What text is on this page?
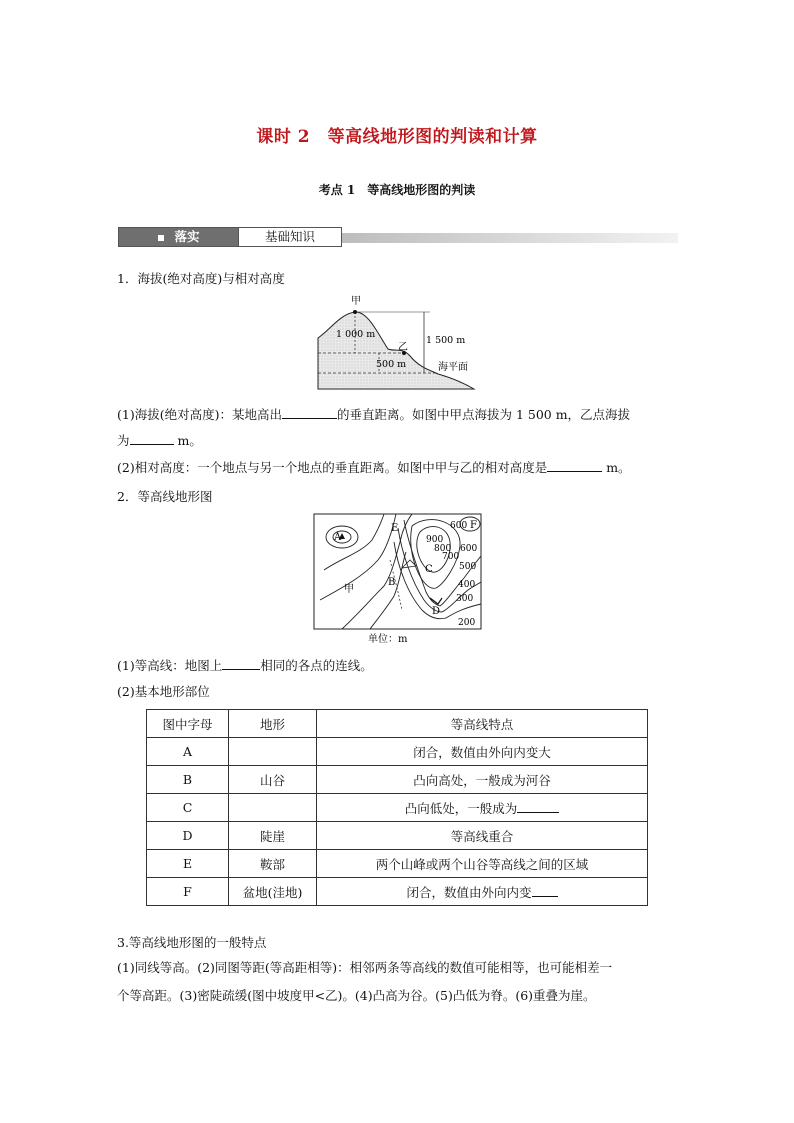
课时 2　等高线地形图的判读和计算
考点 1　等高线地形图的判读
落实	基础知识
1．海拔(绝对高度)与相对高度
甲
乙
1 000 m
1 500 m
500 m	海平面
(1)海拔(绝对高度)：某地高出	的垂直距离。如图中甲点海拔为 1 500 m，乙点海拔
为	m。
(2)相对高度：一个地点与另一个地点的垂直距离。如图中甲与乙的相对高度是	m。
2．等高线地形图
A
B
C
D
E	F
甲
600
900
800
700
600
500
400
300
200
单位：m
(1)等高线：地图上	相同的各点的连线。
(2)基本地形部位
图中字母	地形	等高线特点
A		闭合，数值由外向内变大
B	山谷	凸向高处，一般成为河谷
C		凸向低处，一般成为
D	陡崖	等高线重合
E	鞍部	两个山峰或两个山谷等高线之间的区域
F	盆地(洼地)	闭合，数值由外向内变
3.等高线地形图的一般特点
(1)同线等高。(2)同图等距(等高距相等)：相邻两条等高线的数值可能相等，也可能相差一
个等高距。(3)密陡疏缓(图中坡度甲<乙)。(4)凸高为谷。(5)凸低为脊。(6)重叠为崖。
